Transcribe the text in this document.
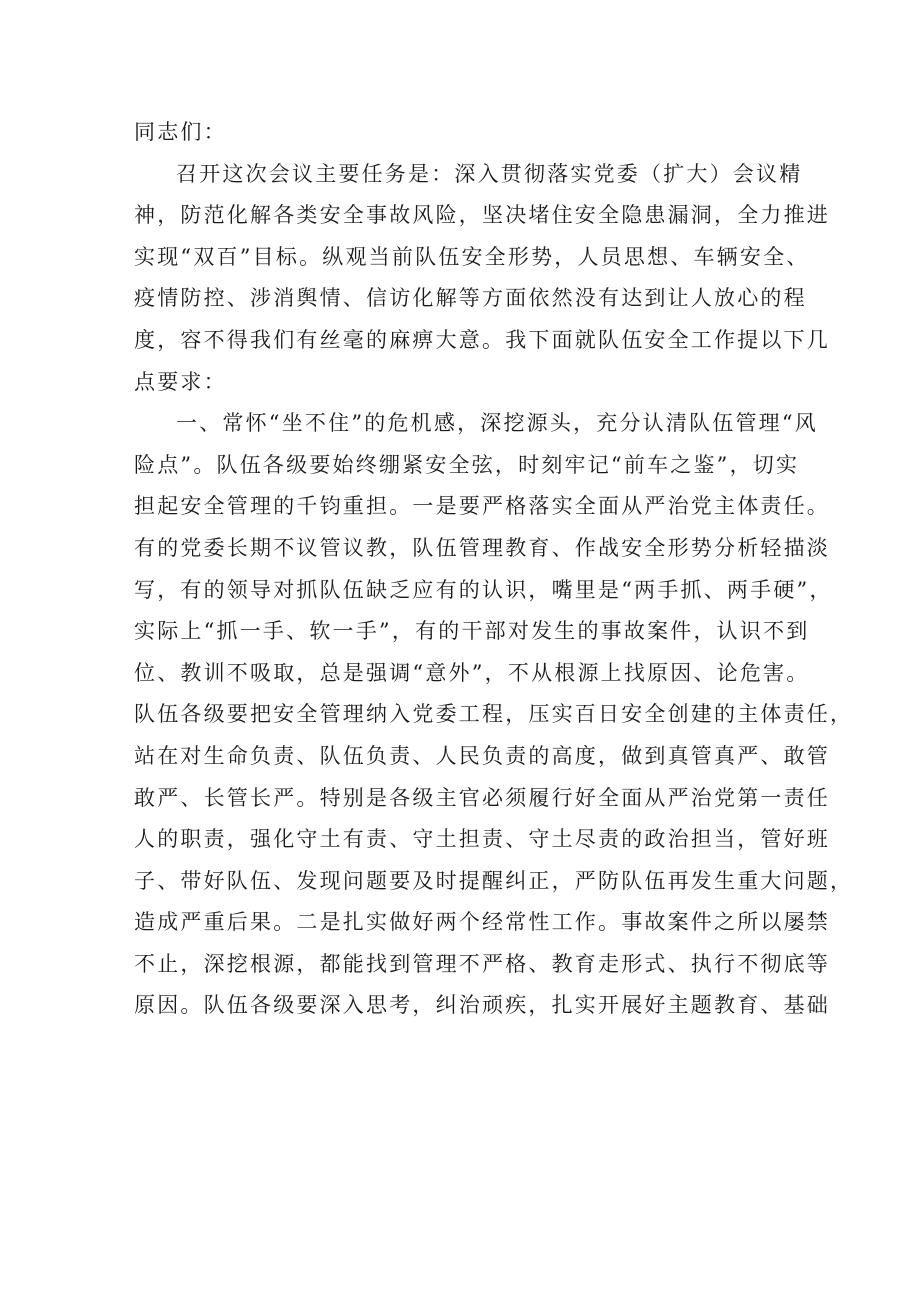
同志们：
召开这次会议主要任务是：深入贯彻落实党委（扩大）会议精
神，防范化解各类安全事故风险，坚决堵住安全隐患漏洞，全力推进
实现“双百”目标。纵观当前队伍安全形势，人员思想、车辆安全、
疫情防控、涉消舆情、信访化解等方面依然没有达到让人放心的程
度，容不得我们有丝毫的麻痹大意。我下面就队伍安全工作提以下几
点要求：
一、常怀“坐不住”的危机感，深挖源头，充分认清队伍管理“风
险点”。队伍各级要始终绷紧安全弦，时刻牢记“前车之鉴”，切实
担起安全管理的千钧重担。一是要严格落实全面从严治党主体责任。
有的党委长期不议管议教，队伍管理教育、作战安全形势分析轻描淡
写，有的领导对抓队伍缺乏应有的认识，嘴里是“两手抓、两手硬”，
实际上“抓一手、软一手”，有的干部对发生的事故案件，认识不到
位、教训不吸取，总是强调“意外”，不从根源上找原因、论危害。
队伍各级要把安全管理纳入党委工程，压实百日安全创建的主体责任，
站在对生命负责、队伍负责、人民负责的高度，做到真管真严、敢管
敢严、长管长严。特别是各级主官必须履行好全面从严治党第一责任
人的职责，强化守土有责、守土担责、守土尽责的政治担当，管好班
子、带好队伍、发现问题要及时提醒纠正，严防队伍再发生重大问题，
造成严重后果。二是扎实做好两个经常性工作。事故案件之所以屡禁
不止，深挖根源，都能找到管理不严格、教育走形式、执行不彻底等
原因。队伍各级要深入思考，纠治顽疾，扎实开展好主题教育、基础
